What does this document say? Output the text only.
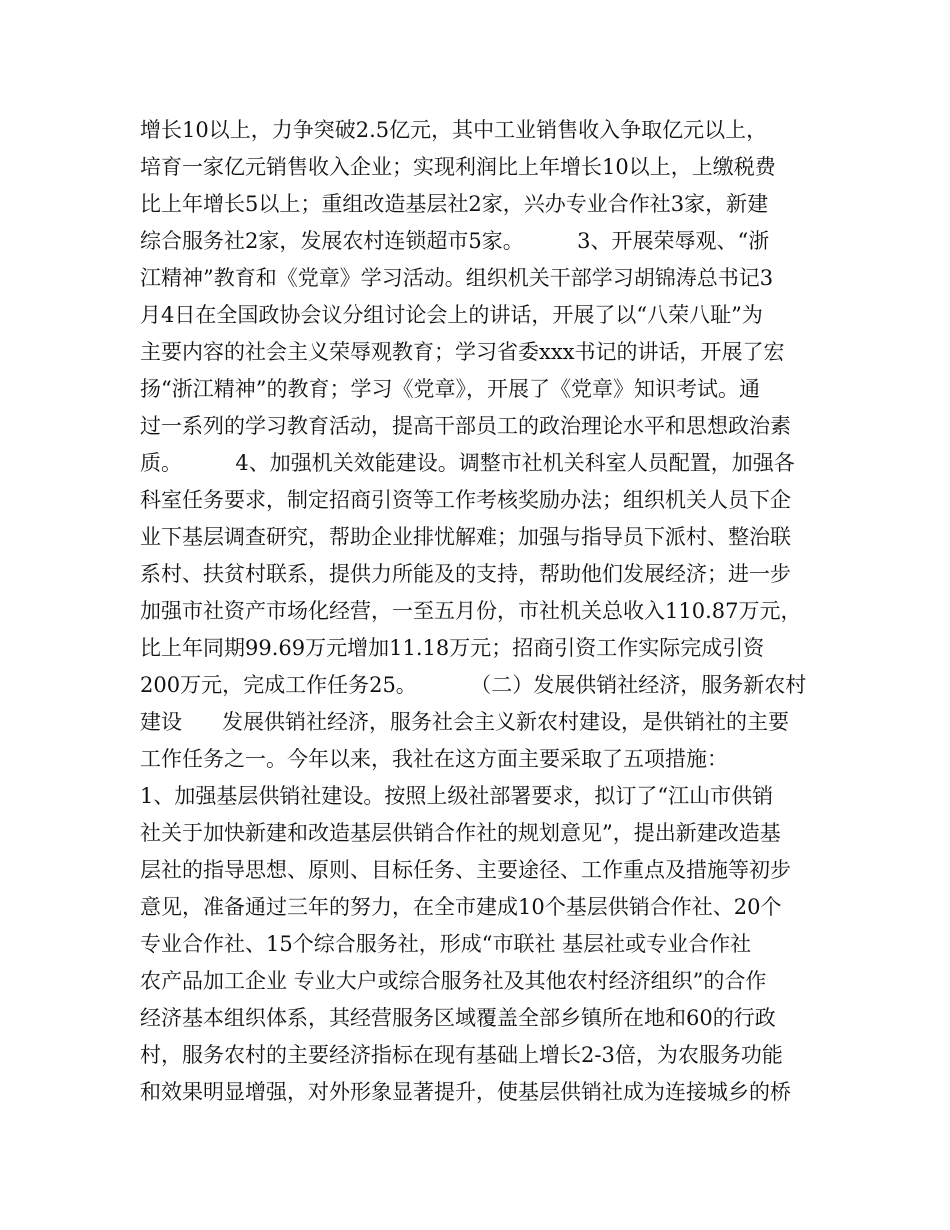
增长10以上，力争突破2.5亿元，其中工业销售收入争取亿元以上，
培育一家亿元销售收入企业；实现利润比上年增长10以上，上缴税费
比上年增长5以上；重组改造基层社2家，兴办专业合作社3家，新建
综合服务社2家，发展农村连锁超市5家。        3、开展荣辱观、“浙
江精神”教育和《党章》学习活动。组织机关干部学习胡锦涛总书记3
月4日在全国政协会议分组讨论会上的讲话，开展了以“八荣八耻”为
主要内容的社会主义荣辱观教育；学习省委xxx书记的讲话，开展了宏
扬“浙江精神”的教育；学习《党章》，开展了《党章》知识考试。通
过一系列的学习教育活动，提高干部员工的政治理论水平和思想政治素
质。        4、加强机关效能建设。调整市社机关科室人员配置，加强各
科室任务要求，制定招商引资等工作考核奖励办法；组织机关人员下企
业下基层调查研究，帮助企业排忧解难；加强与指导员下派村、整治联
系村、扶贫村联系，提供力所能及的支持，帮助他们发展经济；进一步
加强市社资产市场化经营，一至五月份，市社机关总收入110.87万元，
比上年同期99.69万元增加11.18万元；招商引资工作实际完成引资
200万元，完成工作任务25。        （二）发展供销社经济，服务新农村
建设      发展供销社经济，服务社会主义新农村建设，是供销社的主要
工作任务之一。今年以来，我社在这方面主要采取了五项措施：
1、加强基层供销社建设。按照上级社部署要求，拟订了“江山市供销
社关于加快新建和改造基层供销合作社的规划意见”，提出新建改造基
层社的指导思想、原则、目标任务、主要途径、工作重点及措施等初步
意见，准备通过三年的努力，在全市建成10个基层供销合作社、20个
专业合作社、15个综合服务社，形成“市联社 基层社或专业合作社
农产品加工企业 专业大户或综合服务社及其他农村经济组织”的合作
经济基本组织体系，其经营服务区域覆盖全部乡镇所在地和60的行政
村，服务农村的主要经济指标在现有基础上增长2-3倍，为农服务功能
和效果明显增强，对外形象显著提升，使基层供销社成为连接城乡的桥
